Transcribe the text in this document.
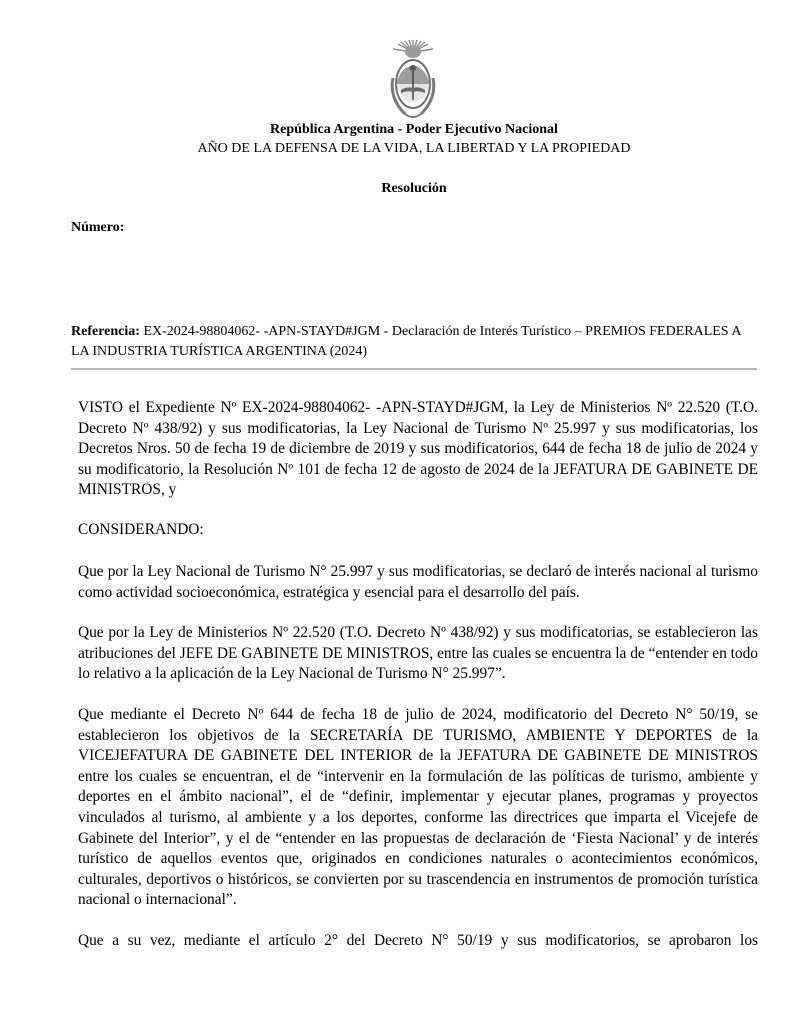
República Argentina - Poder Ejecutivo Nacional
AÑO DE LA DEFENSA DE LA VIDA, LA LIBERTAD Y LA PROPIEDAD
Resolución
Número:
Referencia: EX-2024-98804062- -APN-STAYD#JGM - Declaración de Interés Turístico – PREMIOS FEDERALES A LA INDUSTRIA TURÍSTICA ARGENTINA (2024)
VISTO el Expediente Nº EX-2024-98804062- -APN-STAYD#JGM, la Ley de Ministerios Nº 22.520 (T.O. Decreto Nº 438/92) y sus modificatorias, la Ley Nacional de Turismo Nº 25.997 y sus modificatorias, los Decretos Nros. 50 de fecha 19 de diciembre de 2019 y sus modificatorios, 644 de fecha 18 de julio de 2024 y su modificatorio, la Resolución Nº 101 de fecha 12 de agosto de 2024 de la JEFATURA DE GABINETE DE MINISTROS, y
CONSIDERANDO:
Que por la Ley Nacional de Turismo N° 25.997 y sus modificatorias, se declaró de interés nacional al turismo como actividad socioeconómica, estratégica y esencial para el desarrollo del país.
Que por la Ley de Ministerios Nº 22.520 (T.O. Decreto Nº 438/92) y sus modificatorias, se establecieron las atribuciones del JEFE DE GABINETE DE MINISTROS, entre las cuales se encuentra la de “entender en todo lo relativo a la aplicación de la Ley Nacional de Turismo N° 25.997”.
Que mediante el Decreto Nº 644 de fecha 18 de julio de 2024, modificatorio del Decreto N° 50/19, se establecieron los objetivos de la SECRETARÍA DE TURISMO, AMBIENTE Y DEPORTES de la VICEJEFATURA DE GABINETE DEL INTERIOR de la JEFATURA DE GABINETE DE MINISTROS entre los cuales se encuentran, el de “intervenir en la formulación de las políticas de turismo, ambiente y deportes en el ámbito nacional”, el de “definir, implementar y ejecutar planes, programas y proyectos vinculados al turismo, al ambiente y a los deportes, conforme las directrices que imparta el Vicejefe de Gabinete del Interior”, y el de “entender en las propuestas de declaración de ‘Fiesta Nacional’ y de interés turístico de aquellos eventos que, originados en condiciones naturales o acontecimientos económicos, culturales, deportivos o históricos, se convierten por su trascendencia en instrumentos de promoción turística nacional o internacional”.
Que a su vez, mediante el artículo 2° del Decreto N° 50/19 y sus modificatorios, se aprobaron los
